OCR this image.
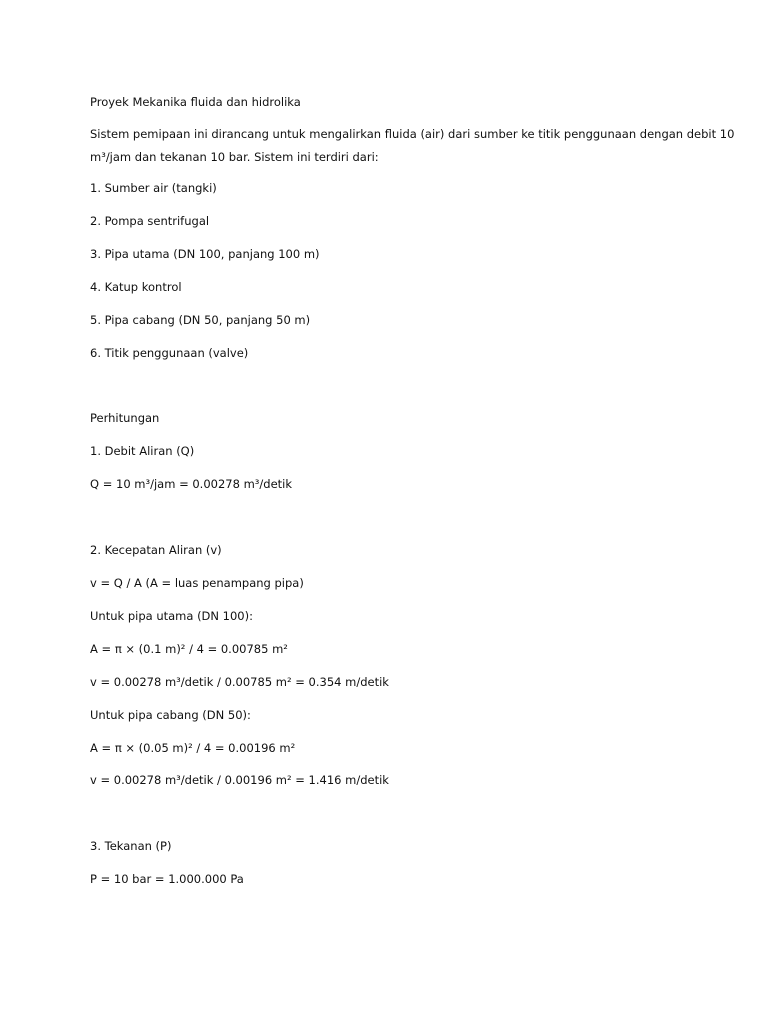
Proyek Mekanika fluida dan hidrolika
Sistem pemipaan ini dirancang untuk mengalirkan fluida (air) dari sumber ke titik penggunaan dengan debit 10
m³/jam dan tekanan 10 bar. Sistem ini terdiri dari:
1. Sumber air (tangki)
2. Pompa sentrifugal
3. Pipa utama (DN 100, panjang 100 m)
4. Katup kontrol
5. Pipa cabang (DN 50, panjang 50 m)
6. Titik penggunaan (valve)
Perhitungan
1. Debit Aliran (Q)
Q = 10 m³/jam = 0.00278 m³/detik
2. Kecepatan Aliran (v)
v = Q / A (A = luas penampang pipa)
Untuk pipa utama (DN 100):
A = π × (0.1 m)² / 4 = 0.00785 m²
v = 0.00278 m³/detik / 0.00785 m² = 0.354 m/detik
Untuk pipa cabang (DN 50):
A = π × (0.05 m)² / 4 = 0.00196 m²
v = 0.00278 m³/detik / 0.00196 m² = 1.416 m/detik
3. Tekanan (P)
P = 10 bar = 1.000.000 Pa
